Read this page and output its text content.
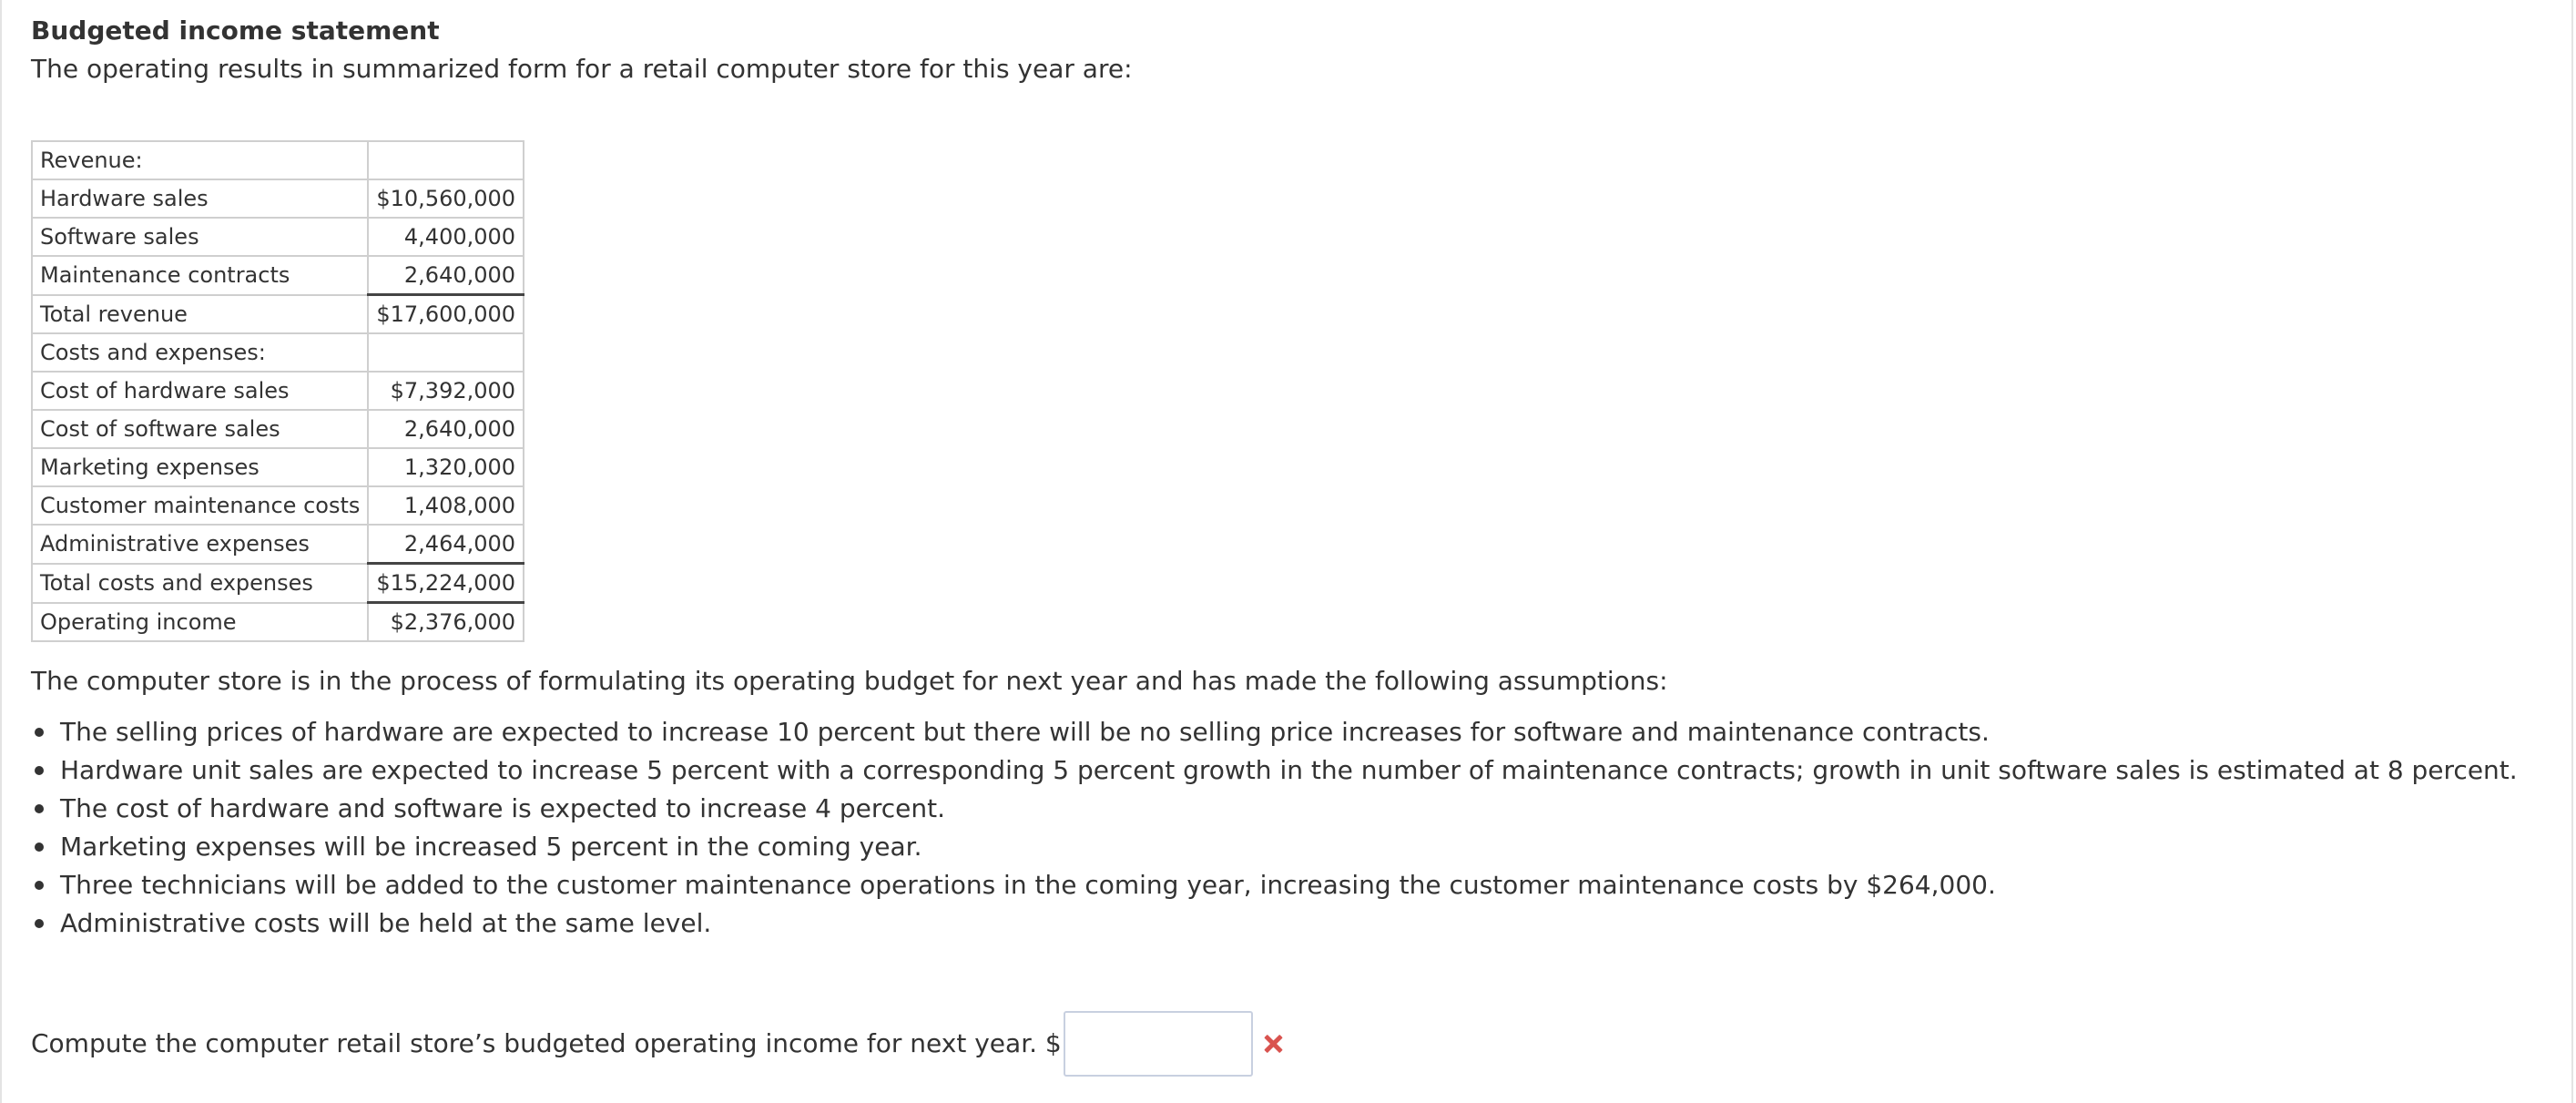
Budgeted income statement

The operating results in summarized form for a retail computer store for this year are:

Revenue:	
Hardware sales	$10,560,000
Software sales	4,400,000
Maintenance contracts	2,640,000
Total revenue	$17,600,000
Costs and expenses:	
Cost of hardware sales	$7,392,000
Cost of software sales	2,640,000
Marketing expenses	1,320,000
Customer maintenance costs	1,408,000
Administrative expenses	2,464,000
Total costs and expenses	$15,224,000
Operating income	$2,376,000

The computer store is in the process of formulating its operating budget for next year and has made the following assumptions:

The selling prices of hardware are expected to increase 10 percent but there will be no selling price increases for software and maintenance contracts.
Hardware unit sales are expected to increase 5 percent with a corresponding 5 percent growth in the number of maintenance contracts; growth in unit software sales is estimated at 8 percent.
The cost of hardware and software is expected to increase 4 percent.
Marketing expenses will be increased 5 percent in the coming year.
Three technicians will be added to the customer maintenance operations in the coming year, increasing the customer maintenance costs by $264,000.
Administrative costs will be held at the same level.
Compute the computer retail store’s budgeted operating income for next year. $
